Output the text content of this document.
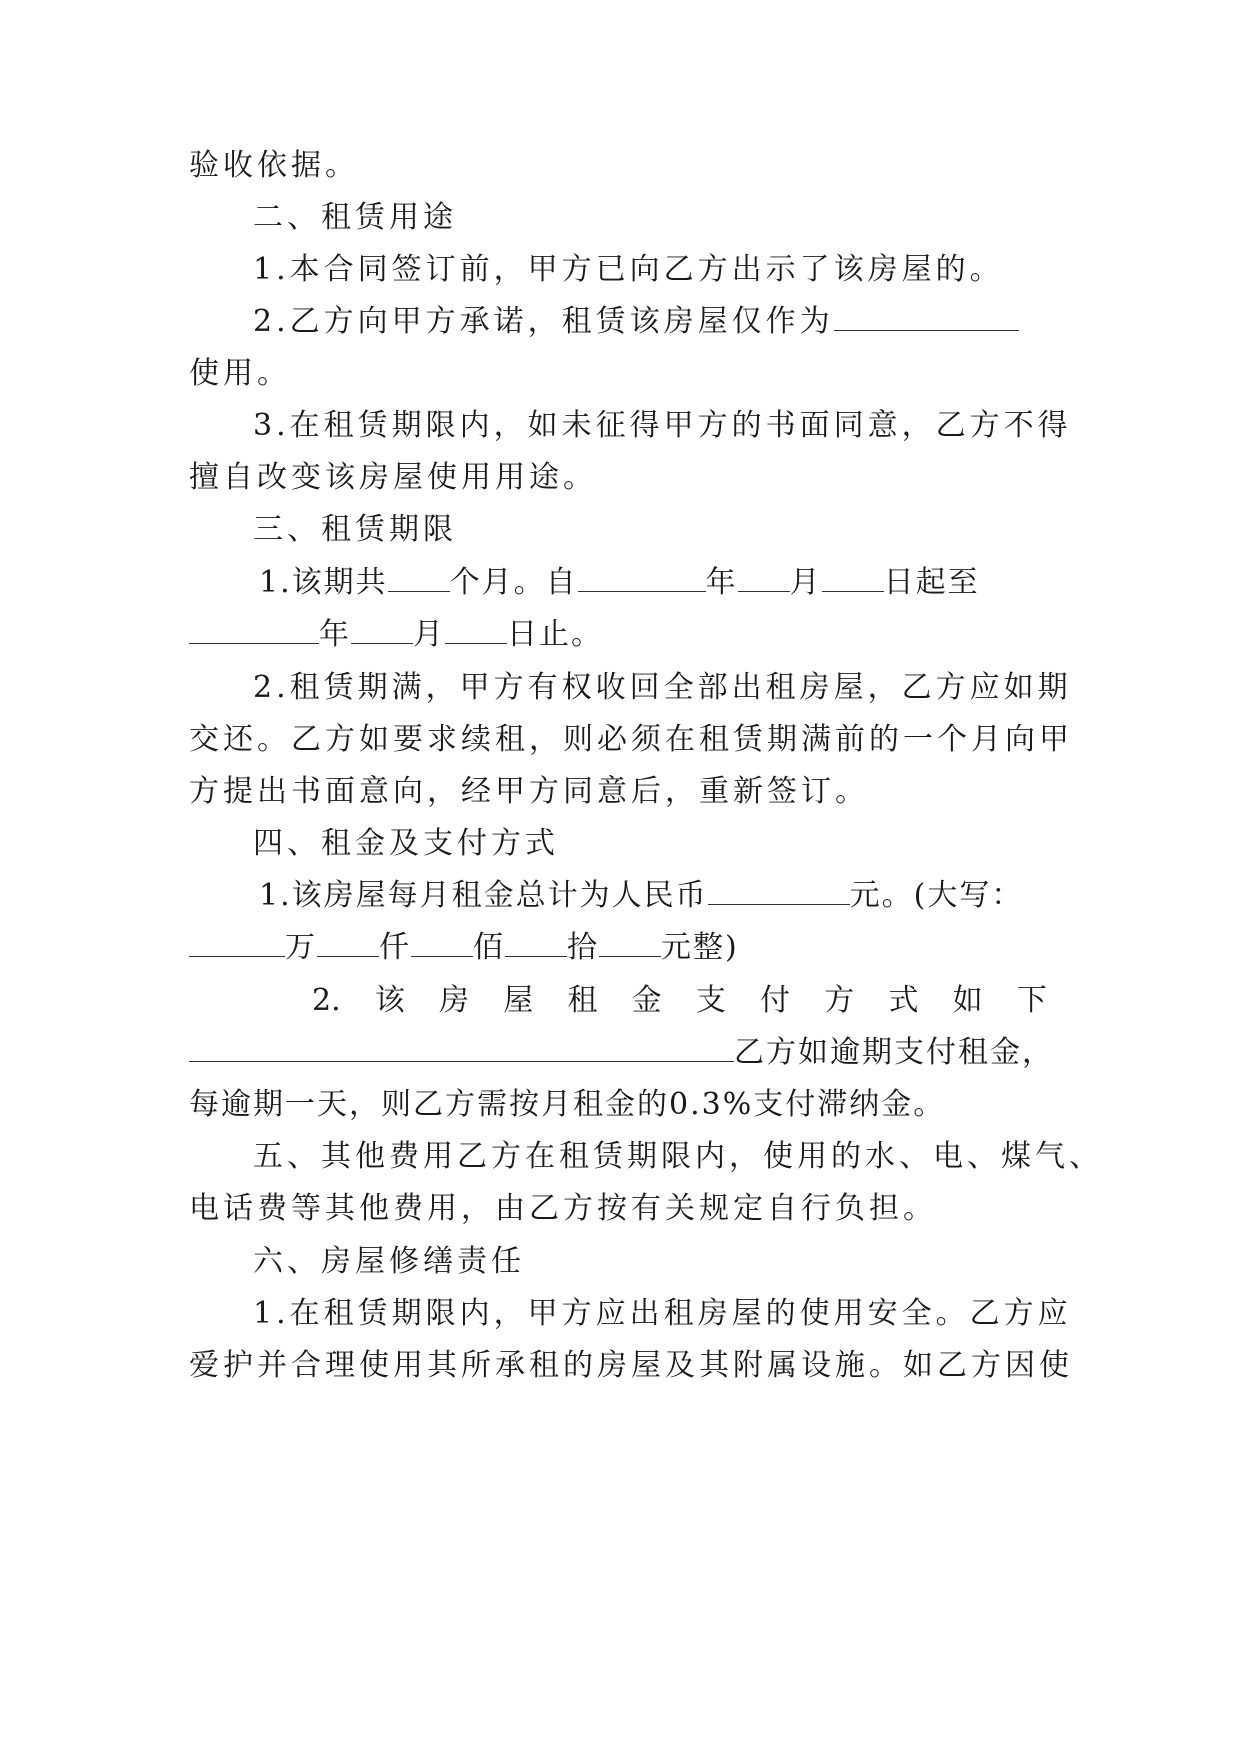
验收依据。
二、租赁用途
1.本合同签订前，甲方已向乙方出示了该房屋的。
2.乙方向甲方承诺，租赁该房屋仅作为
使用。
3.在租赁期限内，如未征得甲方的书面同意，乙方不得
擅自改变该房屋使用用途。
三、租赁期限
1.该期共 个月。自	年 月 日起至
年 月 日止。
2.租赁期满，甲方有权收回全部出租房屋，乙方应如期
交还。乙方如要求续租，则必须在租赁期满前的一个月向甲
方提出书面意向，经甲方同意后，重新签订。
四、租金及支付方式
1.该房屋每月租金总计为人民币	元。(大写：
万 仟 佰 拾 元整)
2. 该 房 屋 租 金 支 付 方 式 如 下
乙方如逾期支付租金，
每逾期一天，则乙方需按月租金的0.3%支付滞纳金。
五、其他费用乙方在租赁期限内，使用的水、电、煤气、
电话费等其他费用，由乙方按有关规定自行负担。
六、房屋修缮责任
1.在租赁期限内，甲方应出租房屋的使用安全。乙方应
爱护并合理使用其所承租的房屋及其附属设施。如乙方因使
